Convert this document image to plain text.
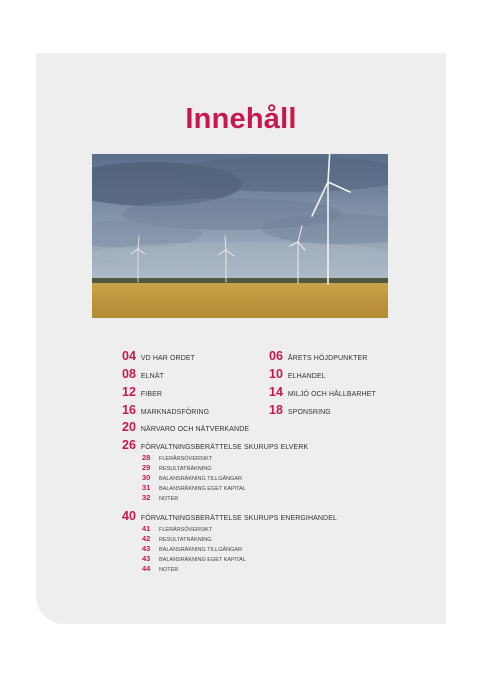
Innehåll
04 VD HAR ORDET
08 ELNÄT
12 FIBER
16 MARKNADSFÖRING
20 NÄRVARO OCH NÄTVERKANDE
06 ÅRETS HÖJDPUNKTER
10 ELHANDEL
14 MILJÖ OCH HÅLLBARHET
18 SPONSRING
26 FÖRVALTNINGSBERÄTTELSE SKURUPS ELVERK
28	FLERÅRSÖVERSIKT
29	RESULTATRÄKNING
30	BALANSRÄKNING TILLGÅNGAR
31	BALANSRÄKNING EGET KAPITAL
32	NOTER
40 FÖRVALTNINGSBERÄTTELSE SKURUPS ENERGIHANDEL
41	FLERÅRSÖVERSIKT
42	RESULTATRÄKNING
43	BALANSRÄKNING TILLGÅNGAR
43	BALANSRÄKNING EGET KAPITAL
44	NOTER
